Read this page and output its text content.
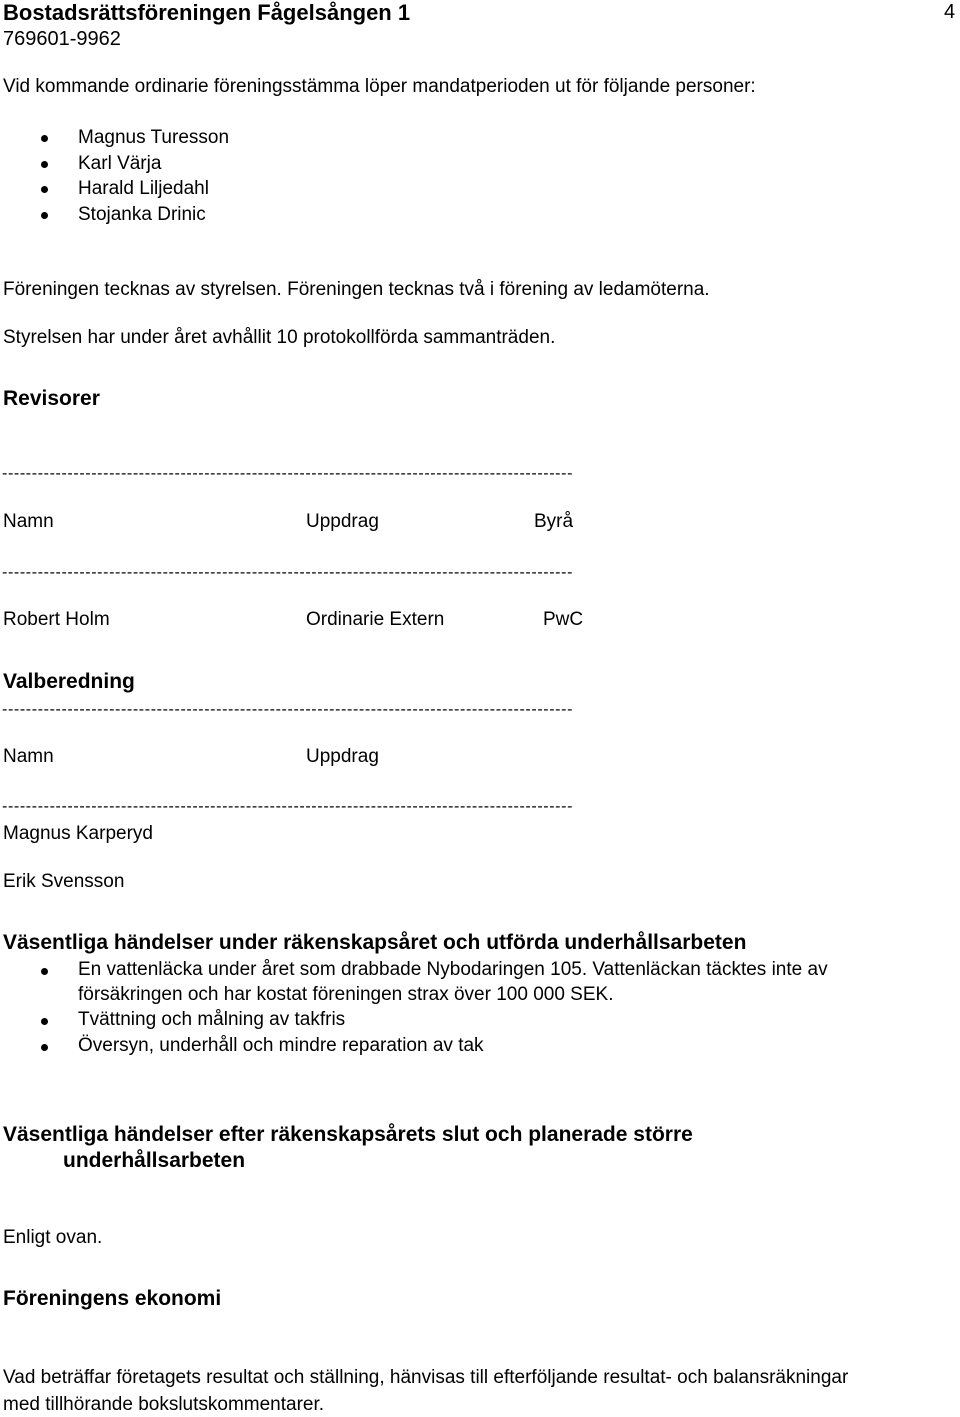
Bostadsrättsföreningen Fågelsången 1
769601-9962
4
Vid kommande ordinarie föreningsstämma löper mandatperioden ut för följande personer:
Magnus Turesson
Karl Värja
Harald Liljedahl
Stojanka Drinic
Föreningen tecknas av styrelsen. Föreningen tecknas två i förening av ledamöterna.
Styrelsen har under året avhållit 10 protokollförda sammanträden.
Revisorer
------------------------------------------------------------------------------------------------
Namn	Uppdrag	Byrå
------------------------------------------------------------------------------------------------
Robert Holm	Ordinarie Extern	PwC
Valberedning
------------------------------------------------------------------------------------------------
Namn	Uppdrag
------------------------------------------------------------------------------------------------
Magnus Karperyd
Erik Svensson
Väsentliga händelser under räkenskapsåret och utförda underhållsarbeten
En vattenläcka under året som drabbade Nybodaringen 105. Vattenläckan täcktes inte av
försäkringen och har kostat föreningen strax över 100 000 SEK.
Tvättning och målning av takfris
Översyn, underhåll och mindre reparation av tak
Väsentliga händelser efter räkenskapsårets slut och planerade större
underhållsarbeten
Enligt ovan.
Föreningens ekonomi
Vad beträffar företagets resultat och ställning, hänvisas till efterföljande resultat- och balansräkningar
med tillhörande bokslutskommentarer.
